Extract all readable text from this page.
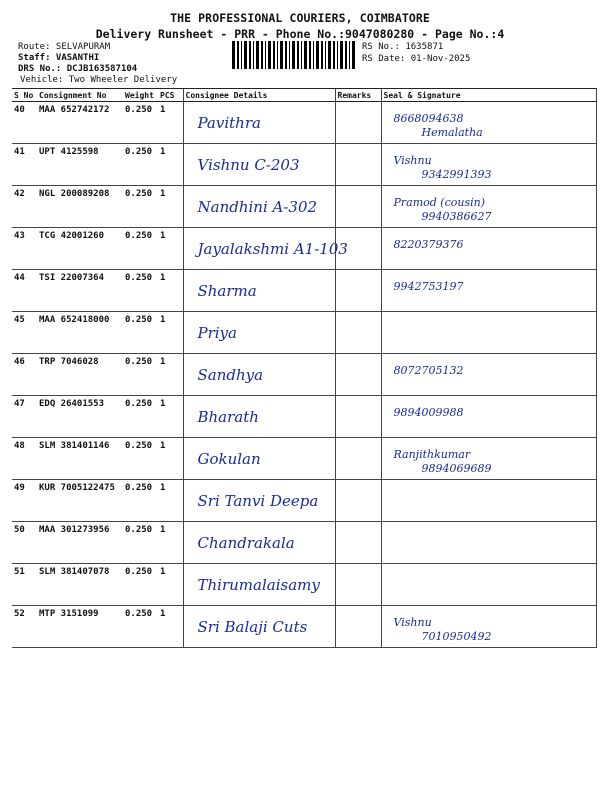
THE PROFESSIONAL COURIERS, COIMBATORE
Delivery Runsheet - PRR - Phone No.:9047080280 - Page No.:4
Route: SELVAPURAM
Staff: VASANTHI
DRS No.: DCJB163587104
Vehicle: Two Wheeler Delivery
RS No.: 1635871
RS Date: 01-Nov-2025
S No	Consignment No	Weight	PCS	Consignee Details	Remarks	Seal & Signature
40	MAA 652742172	0.250	1	Pavithra		8668094638
Hemalatha

41	UPT 4125598	0.250	1	Vishnu C-203		Vishnu
9342991393

42	NGL 200089208	0.250	1	Nandhini A-302		Pramod (cousin)
9940386627

43	TCG 42001260	0.250	1	Jayalakshmi A1-103		8220379376

44	TSI 22007364	0.250	1	Sharma		9942753197

45	MAA 652418000	0.250	1	Priya		

46	TRP 7046028	0.250	1	Sandhya		8072705132

47	EDQ 26401553	0.250	1	Bharath		9894009988

48	SLM 381401146	0.250	1	Gokulan		Ranjithkumar
9894069689

49	KUR 7005122475	0.250	1	Sri Tanvi Deepa		

50	MAA 301273956	0.250	1	Chandrakala		

51	SLM 381407078	0.250	1	Thirumalaisamy		

52	MTP 3151099	0.250	1	Sri Balaji Cuts		Vishnu
7010950492
